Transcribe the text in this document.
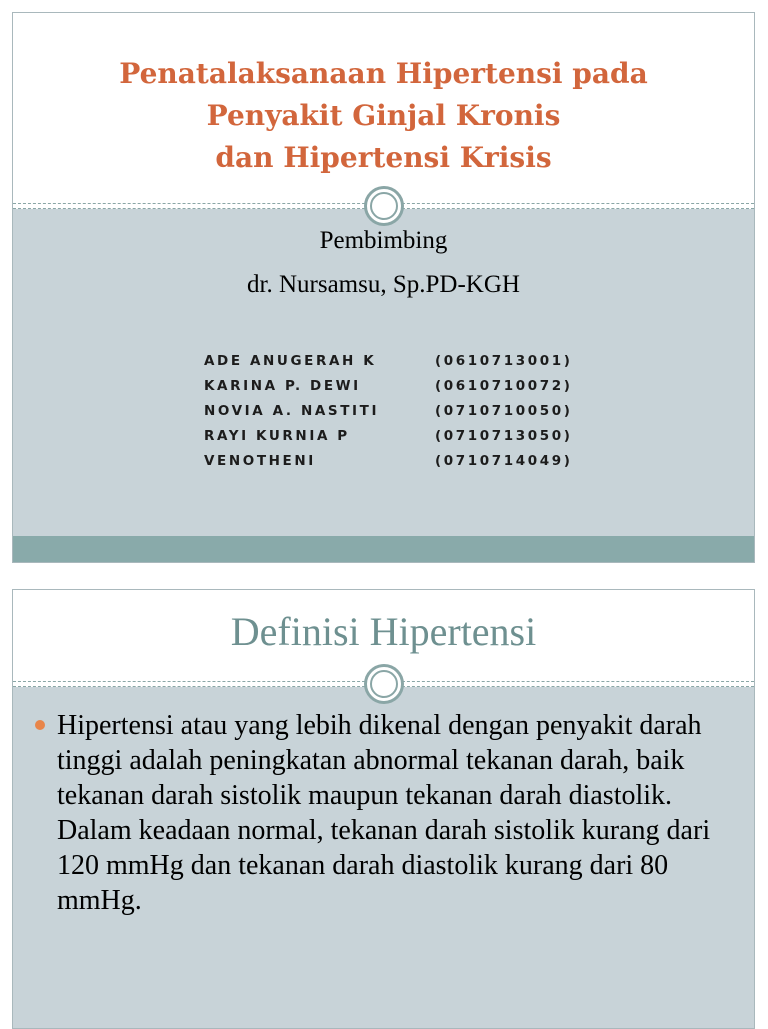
Penatalaksanaan Hipertensi pada
Penyakit Ginjal Kronis
dan Hipertensi Krisis
Pembimbing
dr. Nursamsu, Sp.PD-KGH
ADE ANUGERAH K	(0610713001)
KARINA P. DEWI	(0610710072)
NOVIA A. NASTITI	(0710710050)
RAYI KURNIA P	(0710713050)
VENOTHENI	(0710714049)
Definisi Hipertensi
Hipertensi atau yang lebih dikenal dengan penyakit darah tinggi adalah peningkatan abnormal tekanan darah, baik tekanan darah sistolik maupun tekanan darah diastolik. Dalam keadaan normal, tekanan darah sistolik kurang dari 120 mmHg dan tekanan darah diastolik kurang dari 80 mmHg.
